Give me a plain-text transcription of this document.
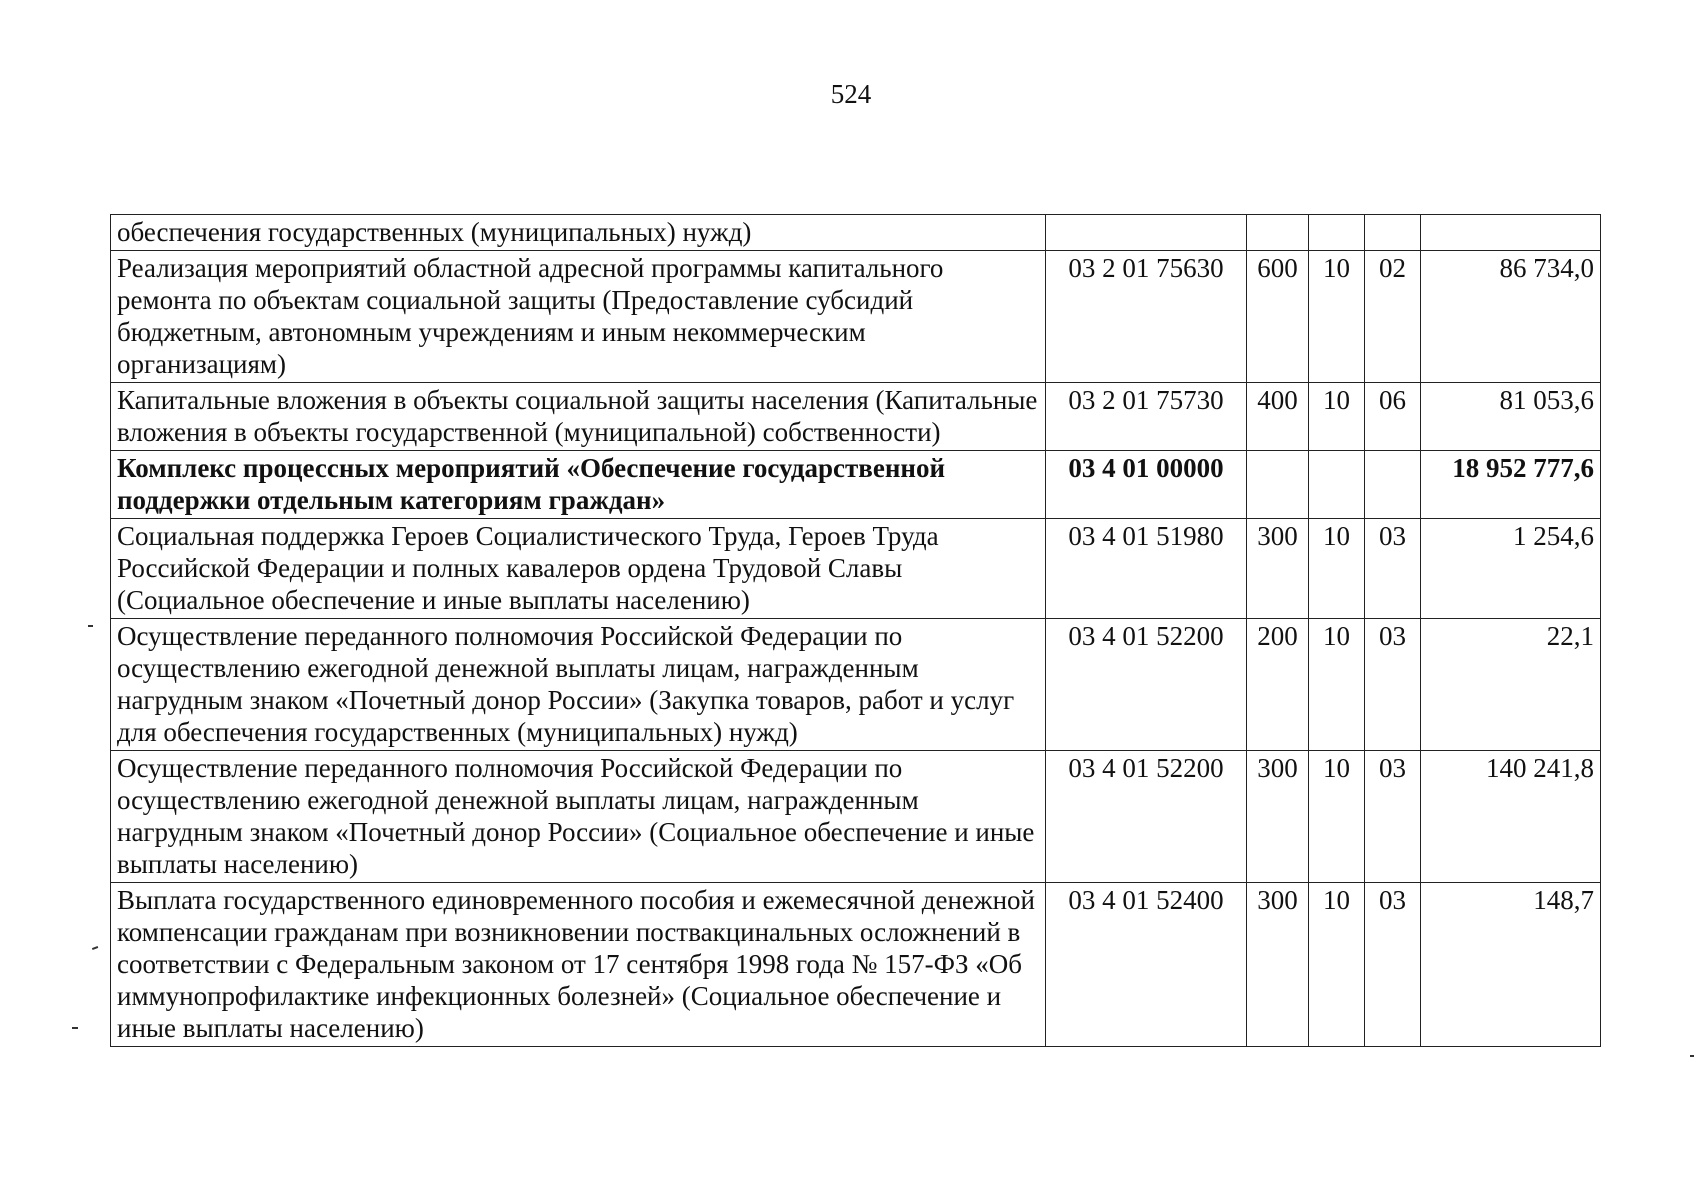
524
обеспечения государственных (муниципальных) нужд)					
Реализация мероприятий областной адресной программы капитального ремонта по объектам социальной защиты (Предоставление субсидий бюджетным, автономным учреждениям и иным некоммерческим организациям)	03 2 01 75630	600	10	02	86 734,0
Капитальные вложения в объекты социальной защиты населения (Капитальные вложения в объекты государственной (муниципальной) собственности)	03 2 01 75730	400	10	06	81 053,6
Комплекс процессных мероприятий «Обеспечение государственной поддержки отдельным категориям граждан»	03 4 01 00000				18 952 777,6
Социальная поддержка Героев Социалистического Труда, Героев Труда Российской Федерации и полных кавалеров ордена Трудовой Славы (Социальное обеспечение и иные выплаты населению)	03 4 01 51980	300	10	03	1 254,6
Осуществление переданного полномочия Российской Федерации по осуществлению ежегодной денежной выплаты лицам, награжденным нагрудным знаком «Почетный донор России» (Закупка товаров, работ и услуг для обеспечения государственных (муниципальных) нужд)	03 4 01 52200	200	10	03	22,1
Осуществление переданного полномочия Российской Федерации по осуществлению ежегодной денежной выплаты лицам, награжденным нагрудным знаком «Почетный донор России» (Социальное обеспечение и иные выплаты населению)	03 4 01 52200	300	10	03	140 241,8
Выплата государственного единовременного пособия и ежемесячной денежной компенсации гражданам при возникновении поствакцинальных осложнений в соответствии с Федеральным законом от 17 сентября 1998 года № 157-ФЗ «Об иммунопрофилактике инфекционных болезней» (Социальное обеспечение и иные выплаты населению)	03 4 01 52400	300	10	03	148,7
